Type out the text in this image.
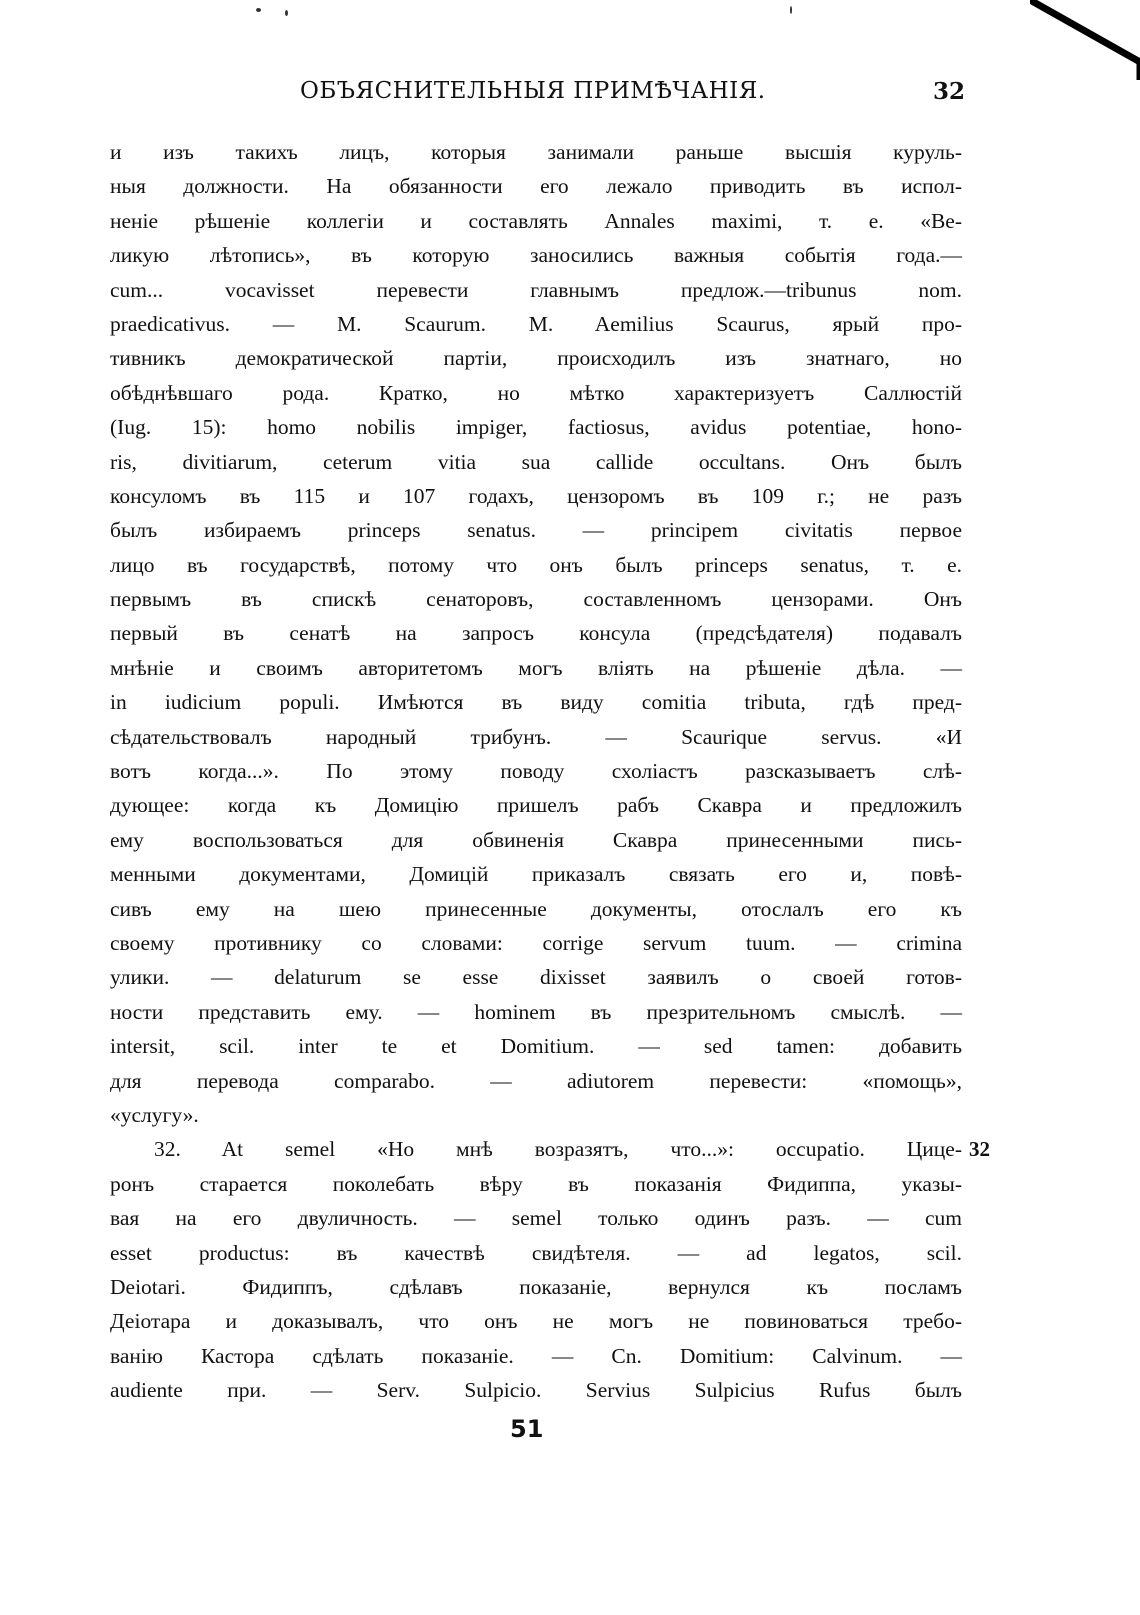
ОБЪЯСНИТЕЛЬНЫЯ ПРИМѢЧАНІЯ.	32
и изъ такихъ лицъ, которыя занимали раньше высшія куруль-
ныя должности. На обязанности его лежало приводить въ испол-
неніе рѣшеніе коллегіи и составлять Annales maximi, т. е. «Ве-
ликую лѣтопись», въ которую заносились важныя событія года.—
cum... vocavisset перевести главнымъ предлож.—tribunus nom.
praedicativus. — M. Scaurum. M. Aemilius Scaurus, ярый про-
тивникъ демократической партіи, происходилъ изъ знатнаго, но
обѣднѣвшаго рода. Кратко, но мѣтко характеризуетъ Саллюстій
(Iug. 15): homo nobilis impiger, factiosus, avidus potentiae, hono-
ris, divitiarum, ceterum vitia sua callide occultans. Онъ былъ
консуломъ въ 115 и 107 годахъ, цензоромъ въ 109 г.; не разъ
былъ избираемъ princeps senatus. — principem civitatis первое
лицо въ государствѣ, потому что онъ былъ princeps senatus, т. е.
первымъ въ спискѣ сенаторовъ, составленномъ цензорами. Онъ
первый въ сенатѣ на запросъ консула (предсѣдателя) подавалъ
мнѣніе и своимъ авторитетомъ могъ вліять на рѣшеніе дѣла. —
in iudicium populi. Имѣются въ виду comitia tributa, гдѣ пред-
сѣдательствовалъ народный трибунъ. — Scaurique servus. «И
вотъ когда...». По этому поводу схоліастъ разсказываетъ слѣ-
дующее: когда къ Домицію пришелъ рабъ Скавра и предложилъ
ему воспользоваться для обвиненія Скавра принесенными пись-
менными документами, Домицій приказалъ связать его и, повѣ-
сивъ ему на шею принесенные документы, отослалъ его къ
своему противнику со словами: corrige servum tuum. — crimina
улики. — delaturum se esse dixisset заявилъ о своей готов-
ности представить ему. — hominem въ презрительномъ смыслѣ. —
intersit, scil. inter te et Domitium. — sed tamen: добавить
для перевода comparabo. — adiutorem перевести: «помощь»,
«услугу».
32. At semel «Но мнѣ возразятъ, что...»: occupatio. Цице- 32
ронъ старается поколебать вѣру въ показанія Фидиппа, указы-
вая на его двуличность. — semel только одинъ разъ. — cum
esset productus: въ качествѣ свидѣтеля. — ad legatos, scil.
Deiotari. Фидиппъ, сдѣлавъ показаніе, вернулся къ посламъ
Деіотара и доказывалъ, что онъ не могъ не повиноваться требо-
ванію Кастора сдѣлать показаніе. — Cn. Domitium: Calvinum. —
audiente при. — Serv. Sulpicio. Servius Sulpicius Rufus былъ
51
